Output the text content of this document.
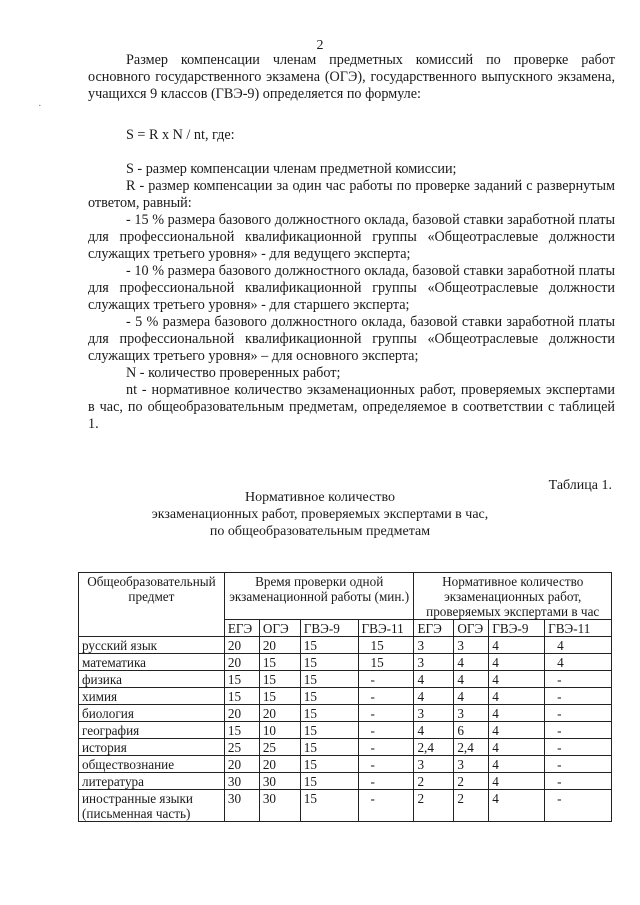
2

Размер компенсации членам предметных комиссий по проверке работ основного государственного экзамена (ОГЭ), государственного выпускного экзамена, учащихся 9 классов (ГВЭ-9) определяется по формуле:

S = R x N / nt, где:

S - размер компенсации членам предметной комиссии;

R - размер компенсации за один час работы по проверке заданий с развернутым ответом, равный:

- 15 % размера базового должностного оклада, базовой ставки заработной платы для профессиональной квалификационной группы «Общеотраслевые должности служащих третьего уровня» - для ведущего эксперта;

- 10 % размера базового должностного оклада, базовой ставки заработной платы для профессиональной квалификационной группы «Общеотраслевые должности служащих третьего уровня» - для старшего эксперта;

- 5 % размера базового должностного оклада, базовой ставки заработной платы для профессиональной квалификационной группы «Общеотраслевые должности служащих третьего уровня» – для основного эксперта;

N - количество проверенных работ;

nt - нормативное количество экзаменационных работ, проверяемых экспертами в час, по общеобразовательным предметам, определяемое в соответствии с таблицей 1.

Таблица 1.
Нормативное количество
экзаменационных работ, проверяемых экспертами в час,
по общеобразовательным предметам
Общеобразовательный предмет	Время проверки одной экзаменационной работы (мин.)				Нормативное количество экзаменационных работ, проверяемых экспертами в час			
	ЕГЭ	ОГЭ	ГВЭ-9	ГВЭ-11	ЕГЭ	ОГЭ	ГВЭ-9	ГВЭ-11
русский язык	20	20	15	15	3	3	4	4
математика	20	15	15	15	3	4	4	4
физика	15	15	15	-	4	4	4	-
химия	15	15	15	-	4	4	4	-
биология	20	20	15	-	3	3	4	-
география	15	10	15	-	4	6	4	-
история	25	25	15	-	2,4	2,4	4	-
обществознание	20	20	15	-	3	3	4	-
литература	30	30	15	-	2	2	4	-
иностранные языки (письменная часть)	30	30	15	-	2	2	4	-
·
